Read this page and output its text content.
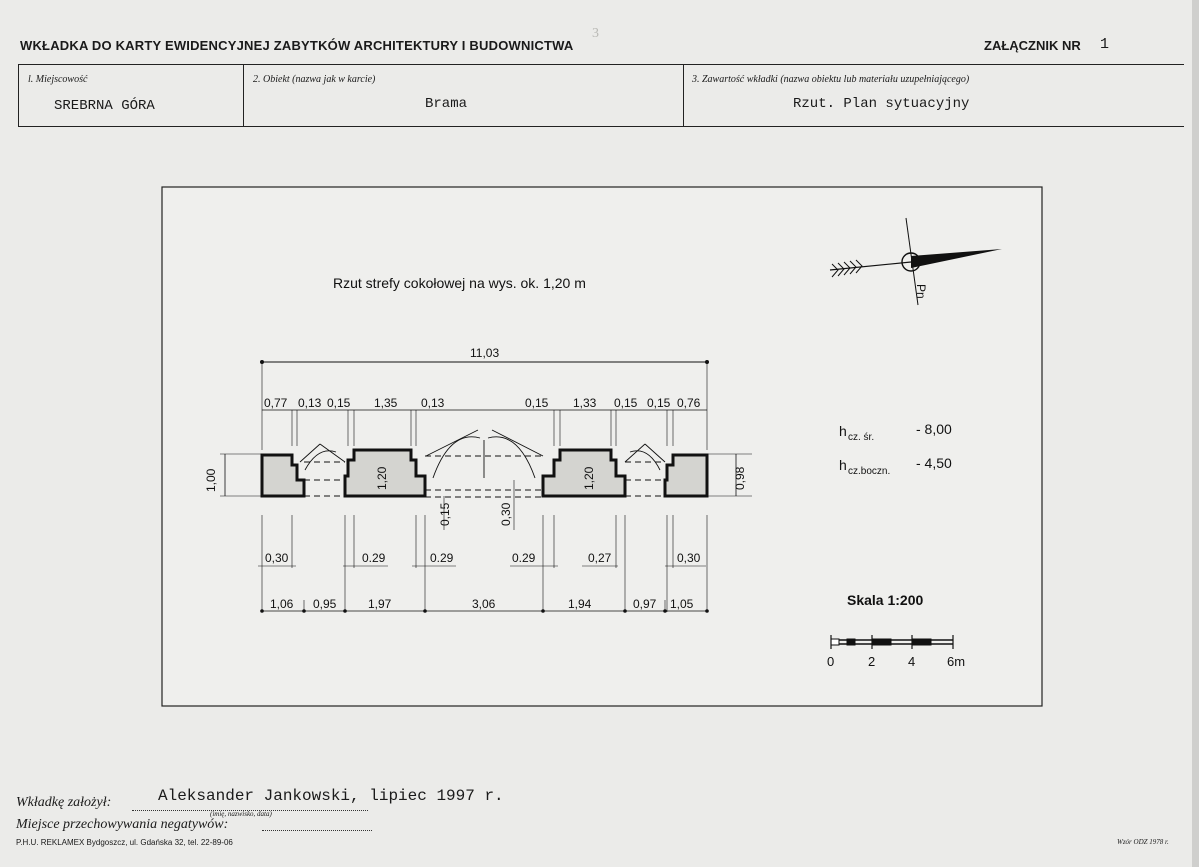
WKŁADKA DO KARTY EWIDENCYJNEJ ZABYTKÓW ARCHITEKTURY I BUDOWNICTWA
3
ZAŁĄCZNIK NR 1
l. Miejscowość
SREBRNA GÓRA
2. Obiekt (nazwa jak w karcie)
Brama
3. Zawartość wkładki (nazwa obiektu lub materiału uzupełniającego)
Rzut. Plan sytuacyjny
Rzut strefy cokołowej na wys. ok. 1,20 m
Pn
11,03
0,77 0,13 0,15 1,35 0,13	0,15 1,33 0,15 0,15 0,76
1,00	1,20
0,15	0,30
1,20	0,98
0,30	0.29	0.29	0.29	0,27	0,30
1,06 0,95	1,97	3,06	1,94	0,97 1,05
h cz. śr.
- 8,00
h cz.boczn.
- 4,50
Skala 1:200
0	2	4 6m
Wkładkę założył:	Aleksander Jankowski, lipiec 1997 r.
(imię, nazwisko, data)
Miejsce przechowywania negatywów:
P.H.U. REKLAMEX Bydgoszcz, ul. Gdańska 32, tel. 22-89-06	Wzór ODZ 1978 r.
